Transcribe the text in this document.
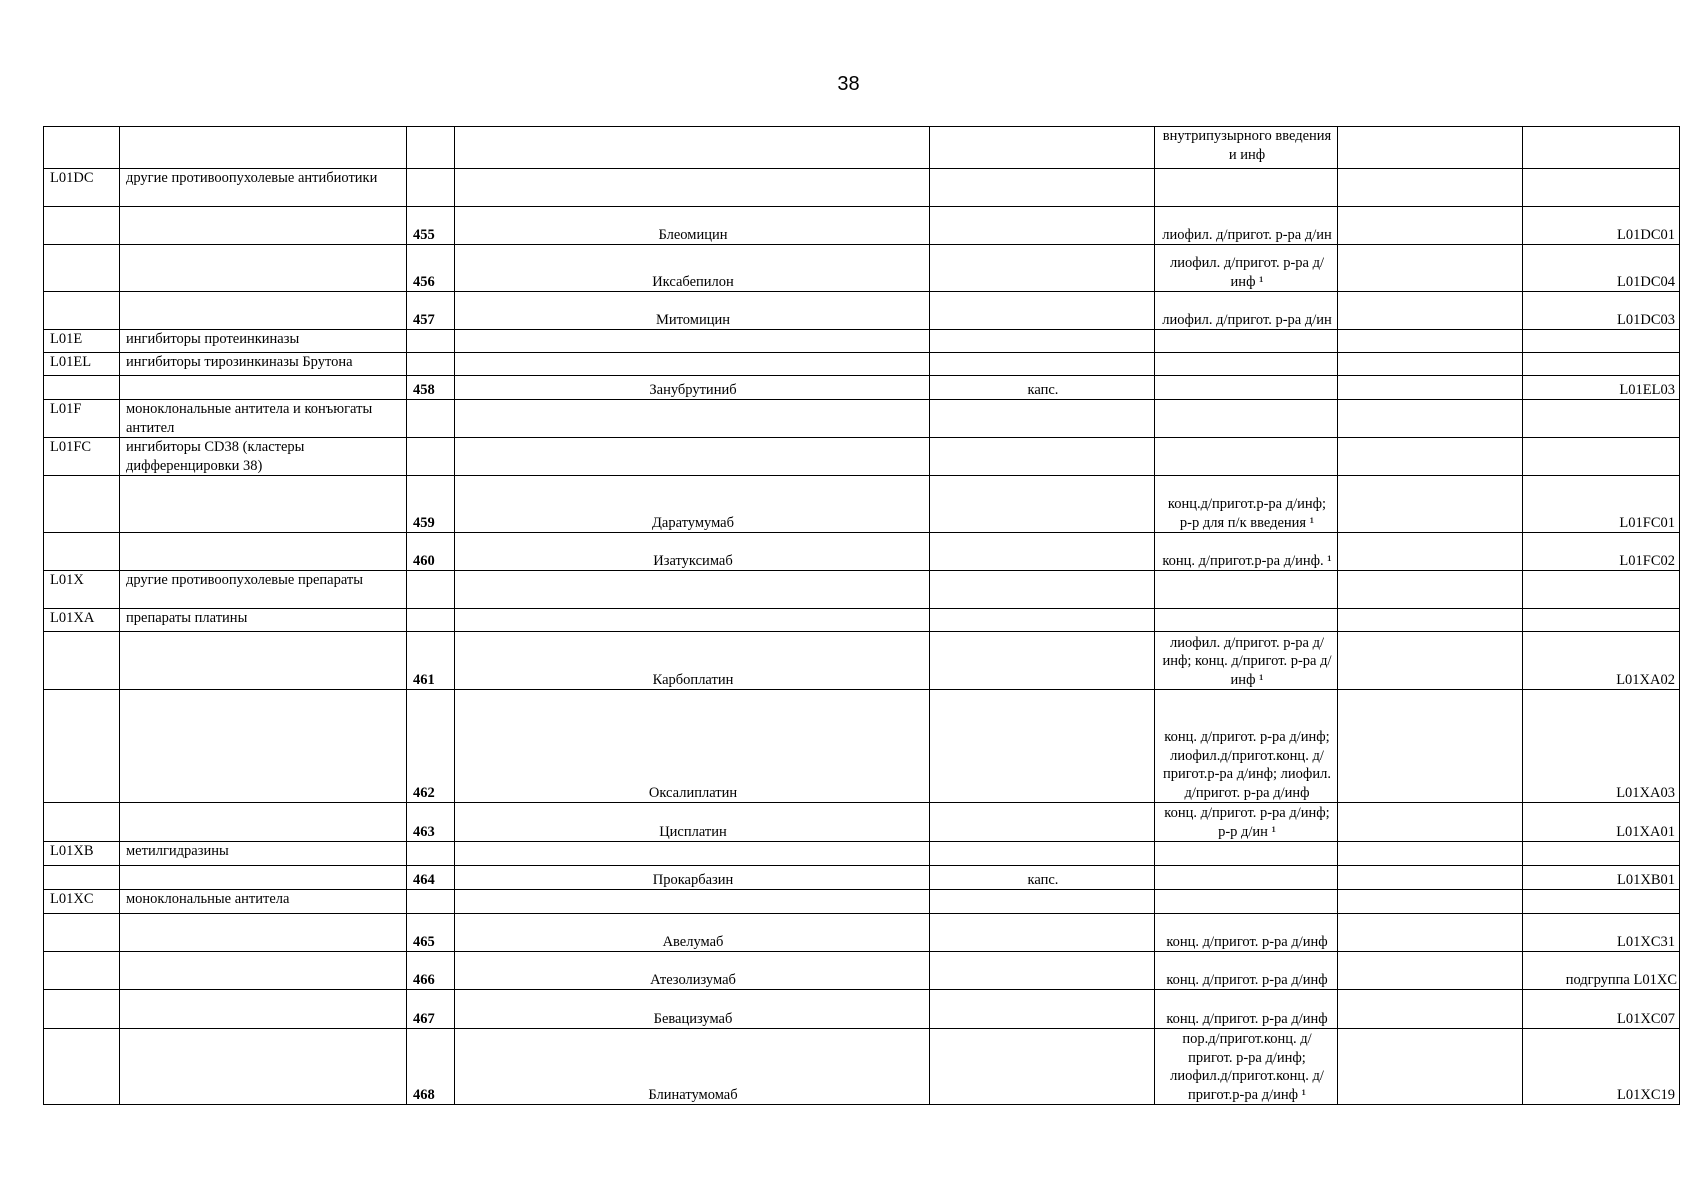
38
					внутрипузырного введения и инф		
L01DC	другие противоопухолевые антибиотики						
		455	Блеомицин		лиофил. д/пригот. р-ра д/ин		L01DC01
		456	Иксабепилон		лиофил. д/пригот. р-ра д/инф ¹		L01DC04
		457	Митомицин		лиофил. д/пригот. р-ра д/ин		L01DC03
L01E	ингибиторы протеинкиназы						
L01EL	ингибиторы тирозинкиназы Брутона						
		458	Занубрутиниб	капс.			L01EL03
L01F	моноклональные антитела и конъюгаты антител						
L01FC	ингибиторы CD38 (кластеры дифференцировки 38)						
		459	Даратумумаб		конц.д/пригот.р-ра д/инф; р-р для п/к введения ¹		L01FC01
		460	Изатуксимаб		конц. д/пригот.р-ра д/инф. ¹		L01FC02
L01X	другие противоопухолевые препараты						
L01XA	препараты платины						
		461	Карбоплатин		лиофил. д/пригот. р-ра д/инф; конц. д/пригот. р-ра д/инф ¹		L01XA02
		462	Оксалиплатин		конц. д/пригот. р-ра д/инф; лиофил.д/пригот.конц. д/пригот.р-ра д/инф; лиофил. д/пригот. р-ра д/инф		L01XA03
		463	Цисплатин		конц. д/пригот. р-ра д/инф; р-р д/ин ¹		L01XA01
L01XB	метилгидразины						
		464	Прокарбазин	капс.			L01XB01
L01XC	моноклональные антитела						
		465	Авелумаб		конц. д/пригот. р-ра д/инф		L01XC31
		466	Атезолизумаб		конц. д/пригот. р-ра д/инф		подгруппа L01XC
		467	Бевацизумаб		конц. д/пригот. р-ра д/инф		L01XC07
		468	Блинатумомаб		пор.д/пригот.конц. д/пригот. р-ра д/инф; лиофил.д/пригот.конц. д/пригот.р-ра д/инф ¹		L01XC19
